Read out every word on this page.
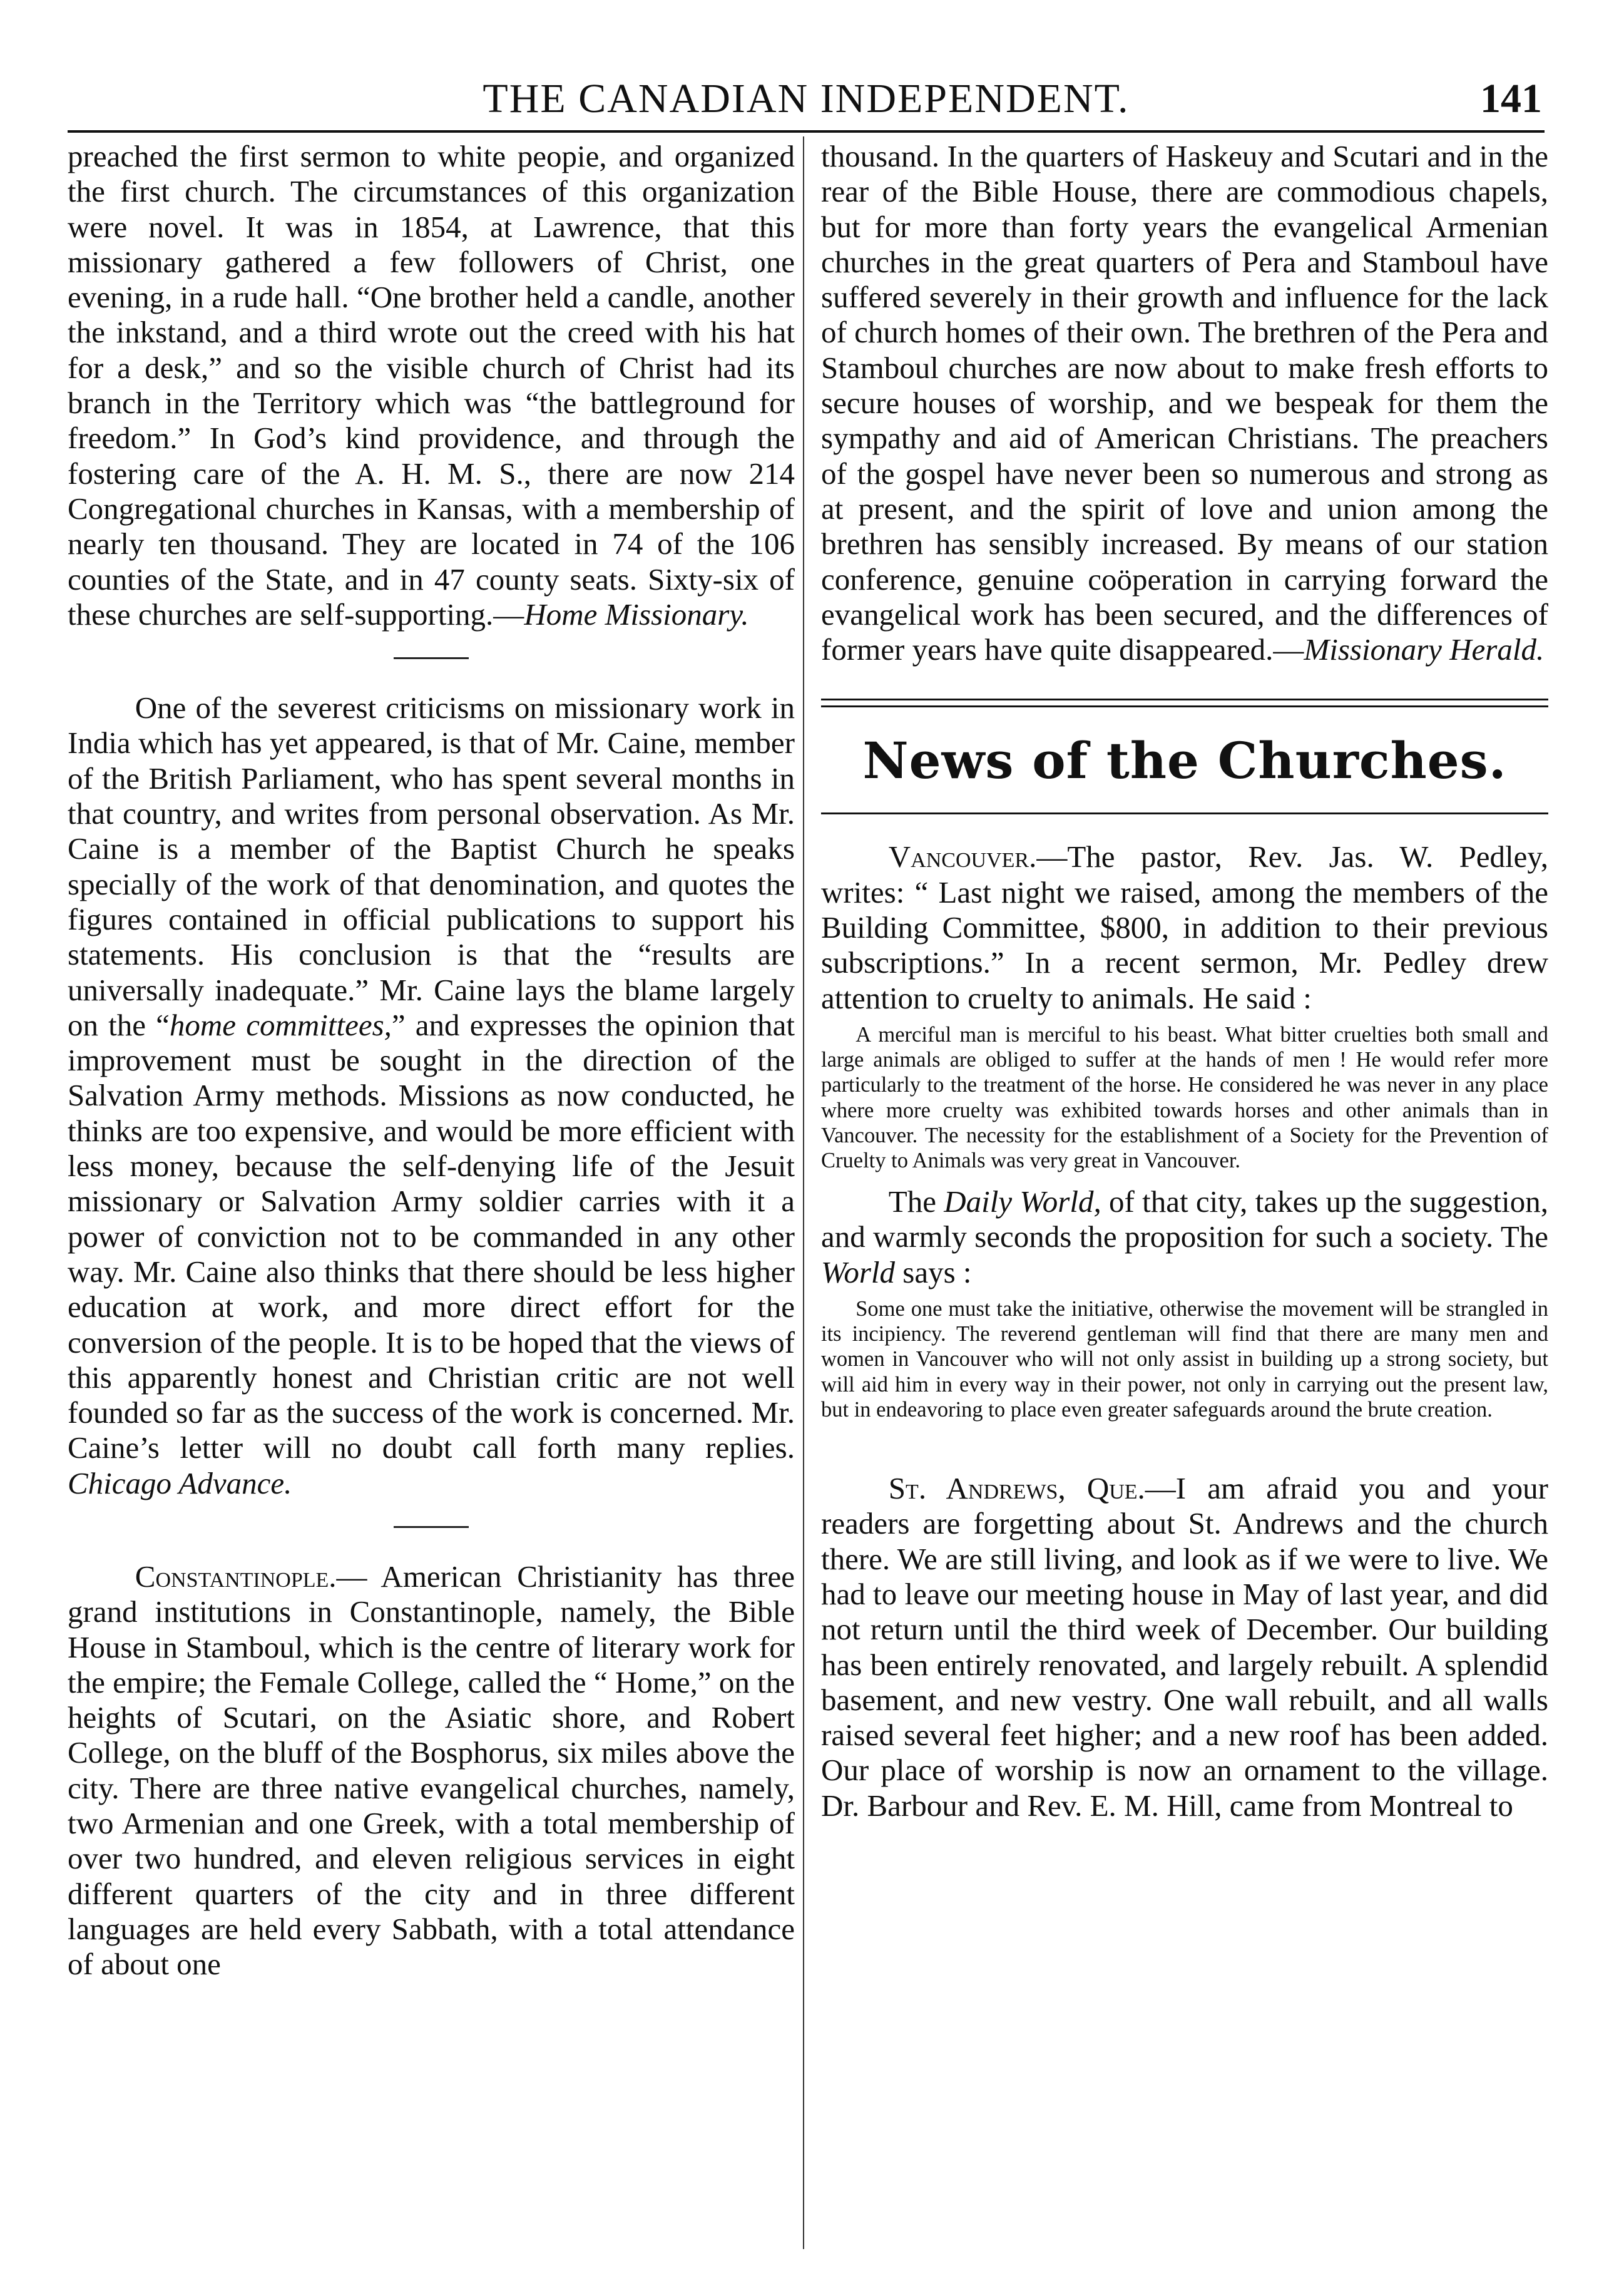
THE CANADIAN INDEPENDENT.	141

preached the first sermon to white peopie, and organized the first church. The circumstances of this organization were novel. It was in 1854, at Lawrence, that this missionary gathered a few followers of Christ, one evening, in a rude hall. “One brother held a candle, another the inkstand, and a third wrote out the creed with his hat for a desk,” and so the visible church of Christ had its branch in the Territory which was “the battleground for freedom.” In God’s kind providence, and through the fostering care of the A. H. M. S., there are now 214 Congregational churches in Kansas, with a membership of nearly ten thousand. They are located in 74 of the 106 counties of the State, and in 47 county seats. Sixty-six of these churches are self-supporting.—Home Missionary.

One of the severest criticisms on missionary work in India which has yet appeared, is that of Mr. Caine, member of the British Parliament, who has spent several months in that country, and writes from personal observation. As Mr. Caine is a member of the Baptist Church he speaks specially of the work of that denomination, and quotes the figures contained in official publications to support his statements. His conclusion is that the “results are universally inadequate.” Mr. Caine lays the blame largely on the “home committees,” and expresses the opinion that improvement must be sought in the direction of the Salvation Army methods. Missions as now conducted, he thinks are too expensive, and would be more efficient with less money, because the self-denying life of the Jesuit missionary or Salvation Army soldier carries with it a power of conviction not to be commanded in any other way. Mr. Caine also thinks that there should be less higher education at work, and more direct effort for the conversion of the people. It is to be hoped that the views of this apparently honest and Christian critic are not well founded so far as the success of the work is concerned. Mr. Caine’s letter will no doubt call forth many replies. Chicago Advance.

Constantinople.— American Christianity has three grand institutions in Constantinople, namely, the Bible House in Stamboul, which is the centre of literary work for the empire; the Female College, called the “ Home,” on the heights of Scutari, on the Asiatic shore, and Robert College, on the bluff of the Bosphorus, six miles above the city. There are three native evangelical churches, namely, two Armenian and one Greek, with a total membership of over two hundred, and eleven religious services in eight different quarters of the city and in three different languages are held every Sabbath, with a total attendance of about one

thousand. In the quarters of Haskeuy and Scutari and in the rear of the Bible House, there are commodious chapels, but for more than forty years the evangelical Armenian churches in the great quarters of Pera and Stamboul have suffered severely in their growth and influence for the lack of church homes of their own. The brethren of the Pera and Stamboul churches are now about to make fresh efforts to secure houses of worship, and we bespeak for them the sympathy and aid of American Christians. The preachers of the gospel have never been so numerous and strong as at present, and the spirit of love and union among the brethren has sensibly increased. By means of our station conference, genuine coöperation in carrying forward the evangelical work has been secured, and the differences of former years have quite disappeared.—Missionary Herald.

News of the Churches.

Vancouver.—The pastor, Rev. Jas. W. Pedley, writes: “ Last night we raised, among the members of the Building Committee, $800, in addition to their previous subscriptions.” In a recent sermon, Mr. Pedley drew attention to cruelty to animals. He said :

A merciful man is merciful to his beast. What bitter cruelties both small and large animals are obliged to suffer at the hands of men ! He would refer more particularly to the treatment of the horse. He considered he was never in any place where more cruelty was exhibited towards horses and other animals than in Vancouver. The necessity for the establishment of a Society for the Prevention of Cruelty to Animals was very great in Vancouver.

The Daily World, of that city, takes up the suggestion, and warmly seconds the proposition for such a society. The World says :

Some one must take the initiative, otherwise the movement will be strangled in its incipiency. The reverend gentleman will find that there are many men and women in Vancouver who will not only assist in building up a strong society, but will aid him in every way in their power, not only in carrying out the present law, but in endeavoring to place even greater safeguards around the brute creation.

St. Andrews, Que.—I am afraid you and your readers are forgetting about St. Andrews and the church there. We are still living, and look as if we were to live. We had to leave our meeting house in May of last year, and did not return until the third week of December. Our building has been entirely renovated, and largely rebuilt. A splendid basement, and new vestry. One wall rebuilt, and all walls raised several feet higher; and a new roof has been added. Our place of worship is now an ornament to the village. Dr. Barbour and Rev. E. M. Hill, came from Montreal to
